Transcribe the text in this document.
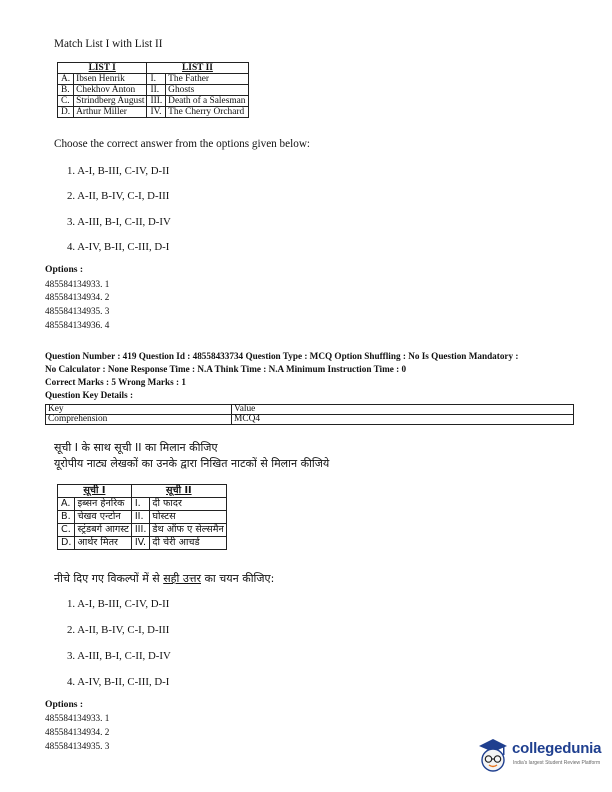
Match List I with List II
LIST I		LIST II	
A.	Ibsen Henrik	I.	The Father
B.	Chekhov Anton	II.	Ghosts
C.	Strindberg August	III.	Death of a Salesman
D.	Arthur Miller	IV.	The Cherry Orchard
Choose the correct answer from the options given below:
1. A-I, B-III, C-IV, D-II
2. A-II, B-IV, C-I, D-III
3. A-III, B-I, C-II, D-IV
4. A-IV, B-II, C-III, D-I
Options :
485584134933. 1
485584134934. 2
485584134935. 3
485584134936. 4
Question Number : 419 Question Id : 48558433734 Question Type : MCQ Option Shuffling : No Is Question Mandatory :
No Calculator : None Response Time : N.A Think Time : N.A Minimum Instruction Time : 0
Correct Marks : 5 Wrong Marks : 1
Question Key Details :
Key	Value
Comprehension	MCQ4
सूची I के साथ सूची II का मिलान कीजिए
यूरोपीय नाट्य लेखकों का उनके द्वारा निखित नाटकों से मिलान कीजिये
सूची I		सूची II	
A.	इब्सन हेनरिक	I.	दी फादर
B.	चेखव एन्टोन	II.	घोस्टस
C.	स्ट्रंडबर्ग आगस्ट	III.	डेथ ऑफ ए सेल्समैन
D.	आर्थर मितर	IV.	दी चेरी आचर्ड
नीचे दिए गए विकल्पों में से सही उत्तर का चयन कीजिए:
1. A-I, B-III, C-IV, D-II
2. A-II, B-IV, C-I, D-III
3. A-III, B-I, C-II, D-IV
4. A-IV, B-II, C-III, D-I
Options :
485584134933. 1
485584134934. 2
485584134935. 3	collegedunia
India's largest Student Review Platform
